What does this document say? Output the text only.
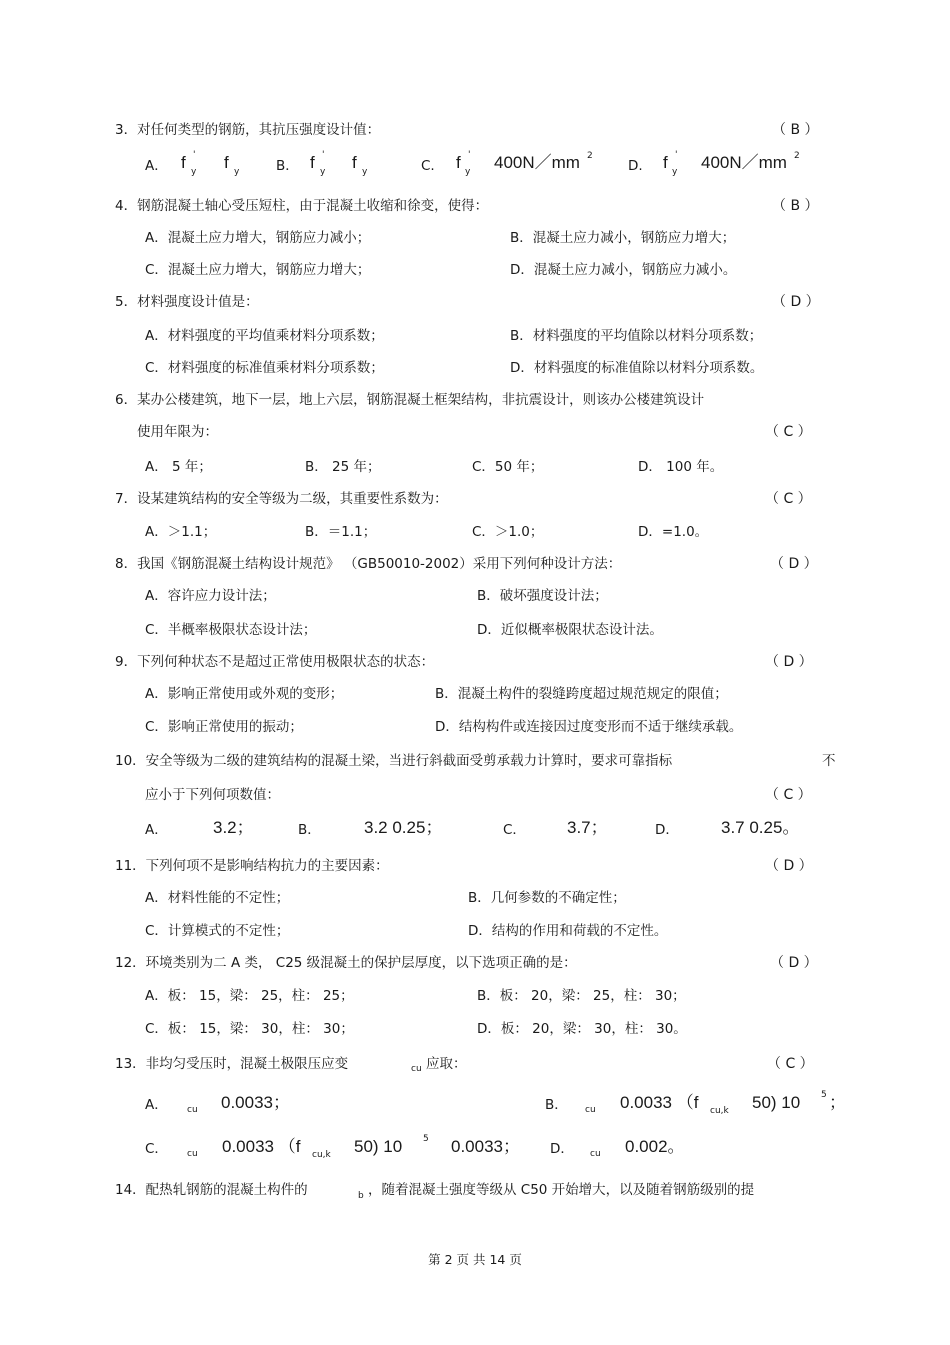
3．对任何类型的钢筋，其抗压强度设计值：	（ B ）
A． f '
y f y	B． f '
y f y	C. f '
y 400N／mm 2
D. f '
y 400N／mm 2
4．钢筋混凝土轴心受压短柱，由于混凝土收缩和徐变，使得：	（ B ）
A．混凝土应力增大，钢筋应力减小；	B．混凝土应力减小，钢筋应力增大；
C．混凝土应力增大，钢筋应力增大；	D．混凝土应力减小，钢筋应力减小。
5．材料强度设计值是：	（ D ）
A．材料强度的平均值乘材料分项系数；	B．材料强度的平均值除以材料分项系数；
C．材料强度的标准值乘材料分项系数；	D．材料强度的标准值除以材料分项系数。
6．某办公楼建筑，地下一层，地上六层，钢筋混凝土框架结构，非抗震设计，则该办公楼建筑设计
使用年限为：	（ C ）
A． 5 年；	B． 25 年；	C．50 年；	D． 100 年。
7．设某建筑结构的安全等级为二级，其重要性系数为：	（ C ）
A．＞1.1；	B．＝1.1；	C．＞1.0；	D．=1.0。
8．我国《钢筋混凝土结构设计规范》 （GB50010-2002）采用下列何种设计方法：	（ D ）
A．容许应力设计法；	B．破坏强度设计法；
C．半概率极限状态设计法；	D．近似概率极限状态设计法。
9．下列何种状态不是超过正常使用极限状态的状态：	（ D ）
A．影响正常使用或外观的变形；	B．混凝土构件的裂缝跨度超过规范规定的限值；
C．影响正常使用的振动；	D．结构构件或连接因过度变形而不适于继续承载。
10．安全等级为二级的建筑结构的混凝土梁，当进行斜截面受剪承载力计算时，要求可靠指标	不
应小于下列何项数值：	（ C ）
A．	3.2；	B．	3.2 0.25；	C． 3.7；	D． 3.7 0.25。
11．下列何项不是影响结构抗力的主要因素：	（ D ）
A．材料性能的不定性；	B．几何参数的不确定性；
C．计算模式的不定性；	D．结构的作用和荷载的不定性。
12．环境类别为二 A 类， C25 级混凝土的保护层厚度，以下选项正确的是：	（ D ）
A．板： 15，梁： 25，柱： 25；	B．板： 20，梁： 25，柱： 30；
C．板： 15，梁： 30，柱： 30；	D．板： 20，梁： 30，柱： 30。
13．非均匀受压时，混凝土极限压应变	cu 应取：	（ C ）
A． cu 0.0033；	B． cu 0.0033 （f cu,k 50) 10 5 ；
C． cu 0.0033 （f cu,k 50) 10 5 0.0033； D． cu 0.002。
14．配热轧钢筋的混凝土构件的	b ，随着混凝土强度等级从 C50 开始增大，以及随着钢筋级别的提
第 2 页 共 14 页
